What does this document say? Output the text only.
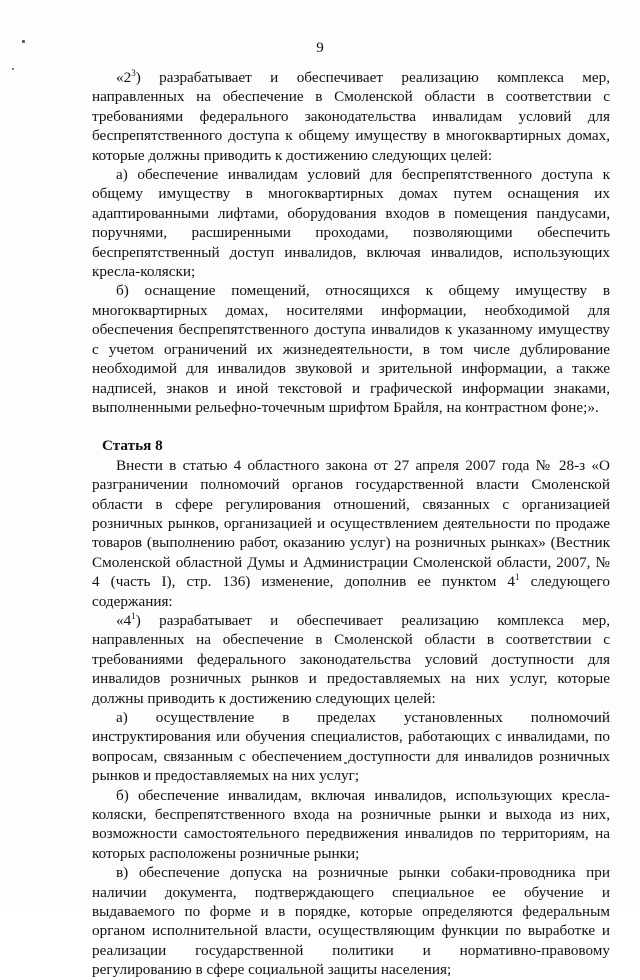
9

«$2^3$) разрабатывает и обеспечивает реализацию комплекса мер, направленных на обеспечение в Смоленской области в соответствии с требованиями федерального законодательства инвалидам условий для беспрепятственного доступа к общему имуществу в многоквартирных домах, которые должны приводить к достижению следующих целей:

а) обеспечение инвалидам условий для беспрепятственного доступа к общему имуществу в многоквартирных домах путем оснащения их адаптированными лифтами, оборудования входов в помещения пандусами, поручнями, расширенными проходами, позволяющими обеспечить беспрепятственный доступ инвалидов, включая инвалидов, использующих кресла-коляски;

б) оснащение помещений, относящихся к общему имуществу в многоквартирных домах, носителями информации, необходимой для обеспечения беспрепятственного доступа инвалидов к указанному имуществу с учетом ограничений их жизнедеятельности, в том числе дублирование необходимой для инвалидов звуковой и зрительной информации, а также надписей, знаков и иной текстовой и графической информации знаками, выполненными рельефно-точечным шрифтом Брайля, на контрастном фоне;».

Статья 8

Внести в статью 4 областного закона от 27 апреля 2007 года № 28-з «О разграничении полномочий органов государственной власти Смоленской области в сфере регулирования отношений, связанных с организацией розничных рынков, организацией и осуществлением деятельности по продаже товаров (выполнению работ, оказанию услуг) на розничных рынках» (Вестник Смоленской областной Думы и Администрации Смоленской области, 2007, № 4 (часть I), стр. 136) изменение, дополнив ее пунктом $4^1$ следующего содержания:

«$4^1$) разрабатывает и обеспечивает реализацию комплекса мер, направленных на обеспечение в Смоленской области в соответствии с требованиями федерального законодательства условий доступности для инвалидов розничных рынков и предоставляемых на них услуг, которые должны приводить к достижению следующих целей:

а) осуществление в пределах установленных полномочий инструктирования или обучения специалистов, работающих с инвалидами, по вопросам, связанным с обеспечением доступности для инвалидов розничных рынков и предоставляемых на них услуг;

б) обеспечение инвалидам, включая инвалидов, использующих кресла-коляски, беспрепятственного входа на розничные рынки и выхода из них, возможности самостоятельного передвижения инвалидов по территориям, на которых расположены розничные рынки;

в) обеспечение допуска на розничные рынки собаки-проводника при наличии документа, подтверждающего специальное ее обучение и выдаваемого по форме и в порядке, которые определяются федеральным органом исполнительной власти, осуществляющим функции по выработке и реализации государственной политики и нормативно-правовому регулированию в сфере социальной защиты населения;
